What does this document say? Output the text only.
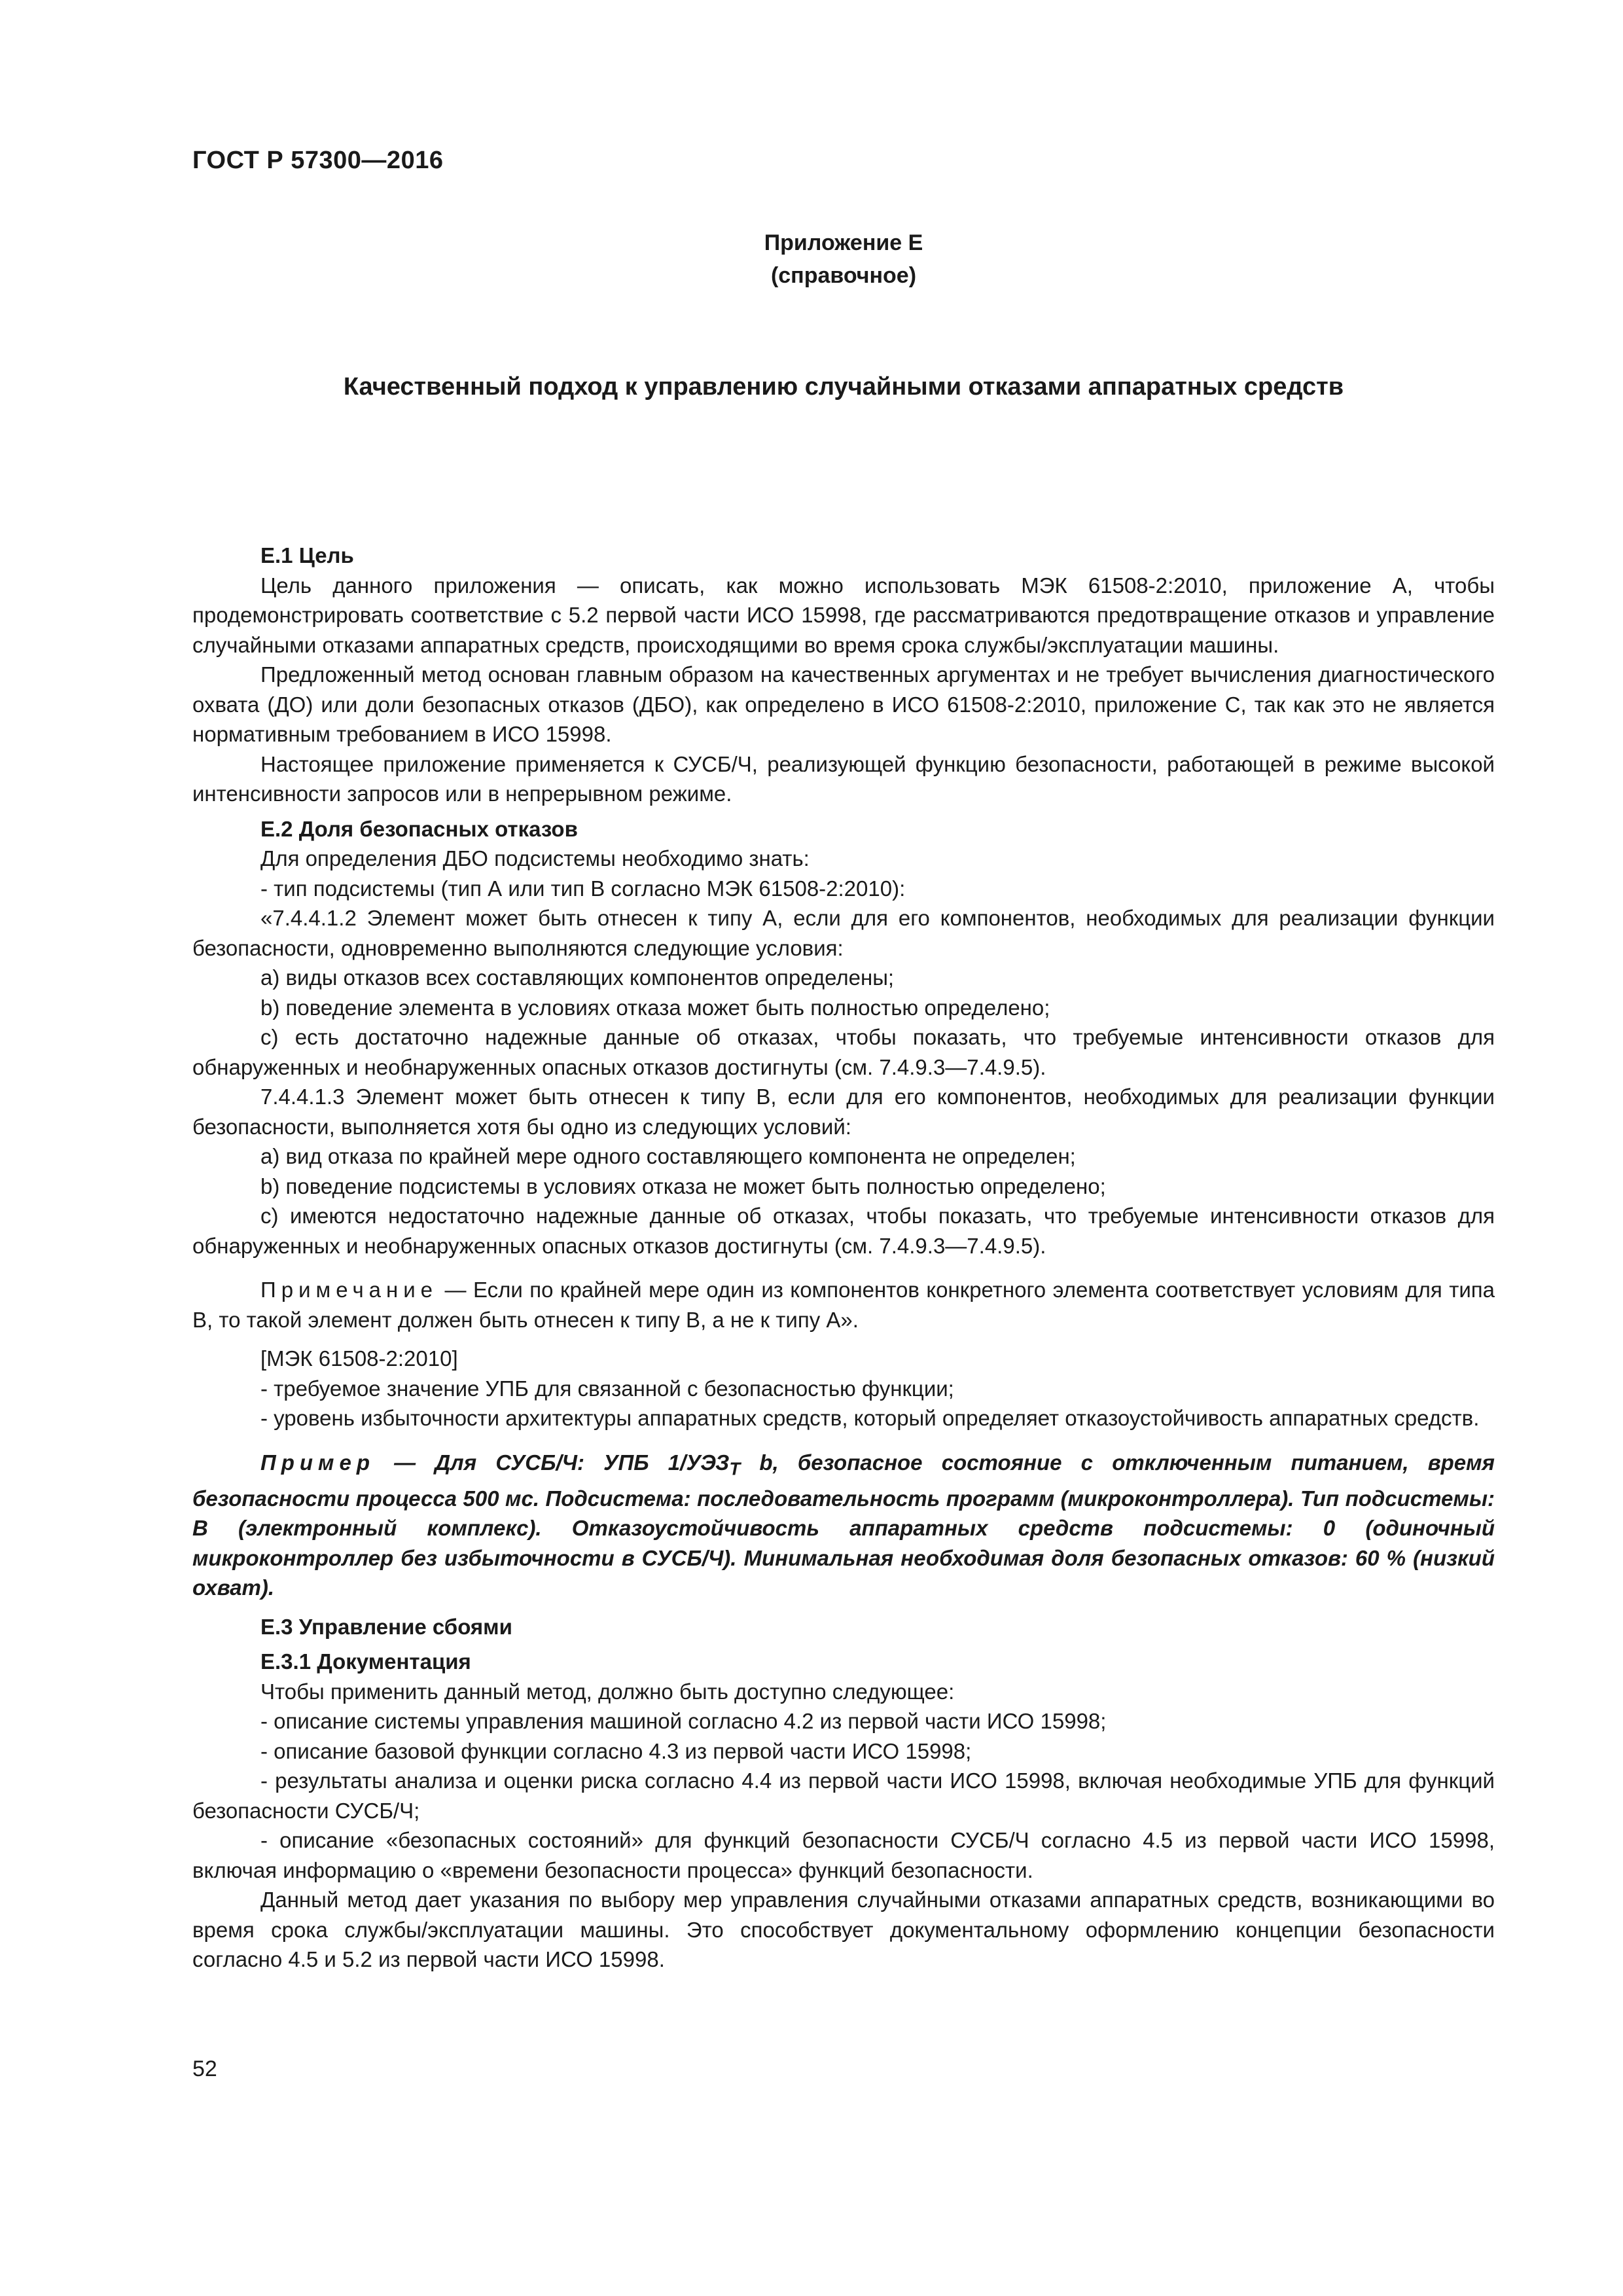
ГОСТ Р 57300—2016
Приложение Е
(справочное)
Качественный подход к управлению случайными отказами аппаратных средств

Е.1 Цель

Цель данного приложения — описать, как можно использовать МЭК 61508-2:2010, приложение А, чтобы продемонстрировать соответствие с 5.2 первой части ИСО 15998, где рассматриваются предотвращение отказов и управление случайными отказами аппаратных средств, происходящими во время срока службы/эксплуатации машины.

Предложенный метод основан главным образом на качественных аргументах и не требует вычисления диагностического охвата (ДО) или доли безопасных отказов (ДБО), как определено в ИСО 61508-2:2010, приложение С, так как это не является нормативным требованием в ИСО 15998.

Настоящее приложение применяется к СУСБ/Ч, реализующей функцию безопасности, работающей в режиме высокой интенсивности запросов или в непрерывном режиме.

Е.2 Доля безопасных отказов

Для определения ДБО подсистемы необходимо знать:

- тип подсистемы (тип А или тип В согласно МЭК 61508-2:2010):

«7.4.4.1.2 Элемент может быть отнесен к типу А, если для его компонентов, необходимых для реализации функции безопасности, одновременно выполняются следующие условия:

a) виды отказов всех составляющих компонентов определены;

b) поведение элемента в условиях отказа может быть полностью определено;

c) есть достаточно надежные данные об отказах, чтобы показать, что требуемые интенсивности отказов для обнаруженных и необнаруженных опасных отказов достигнуты (см. 7.4.9.3—7.4.9.5).

7.4.4.1.3 Элемент может быть отнесен к типу В, если для его компонентов, необходимых для реализации функции безопасности, выполняется хотя бы одно из следующих условий:

a) вид отказа по крайней мере одного составляющего компонента не определен;

b) поведение подсистемы в условиях отказа не может быть полностью определено;

c) имеются недостаточно надежные данные об отказах, чтобы показать, что требуемые интенсивности отказов для обнаруженных и необнаруженных опасных отказов достигнуты (см. 7.4.9.3—7.4.9.5).

Примечание — Если по крайней мере один из компонентов конкретного элемента соответствует условиям для типа В, то такой элемент должен быть отнесен к типу В, а не к типу А».

[МЭК 61508-2:2010]

- требуемое значение УПБ для связанной с безопасностью функции;

- уровень избыточности архитектуры аппаратных средств, который определяет отказоустойчивость аппаратных средств.

Пример — Для СУСБ/Ч: УПБ $1/УЭЗ_Т$ b, безопасное состояние с отключенным питанием, время безопасности процесса 500 мс. Подсистема: последовательность программ (микроконтроллера). Тип подсистемы: В (электронный комплекс). Отказоустойчивость аппаратных средств подсистемы: 0 (одиночный микроконтроллер без избыточности в СУСБ/Ч). Минимальная необходимая доля безопасных отказов: 60 % (низкий охват).

Е.3 Управление сбоями

Е.3.1 Документация

Чтобы применить данный метод, должно быть доступно следующее:

- описание системы управления машиной согласно 4.2 из первой части ИСО 15998;

- описание базовой функции согласно 4.3 из первой части ИСО 15998;

- результаты анализа и оценки риска согласно 4.4 из первой части ИСО 15998, включая необходимые УПБ для функций безопасности СУСБ/Ч;

- описание «безопасных состояний» для функций безопасности СУСБ/Ч согласно 4.5 из первой части ИСО 15998, включая информацию о «времени безопасности процесса» функций безопасности.

Данный метод дает указания по выбору мер управления случайными отказами аппаратных средств, возникающими во время срока службы/эксплуатации машины. Это способствует документальному оформлению концепции безопасности согласно 4.5 и 5.2 из первой части ИСО 15998.

52
